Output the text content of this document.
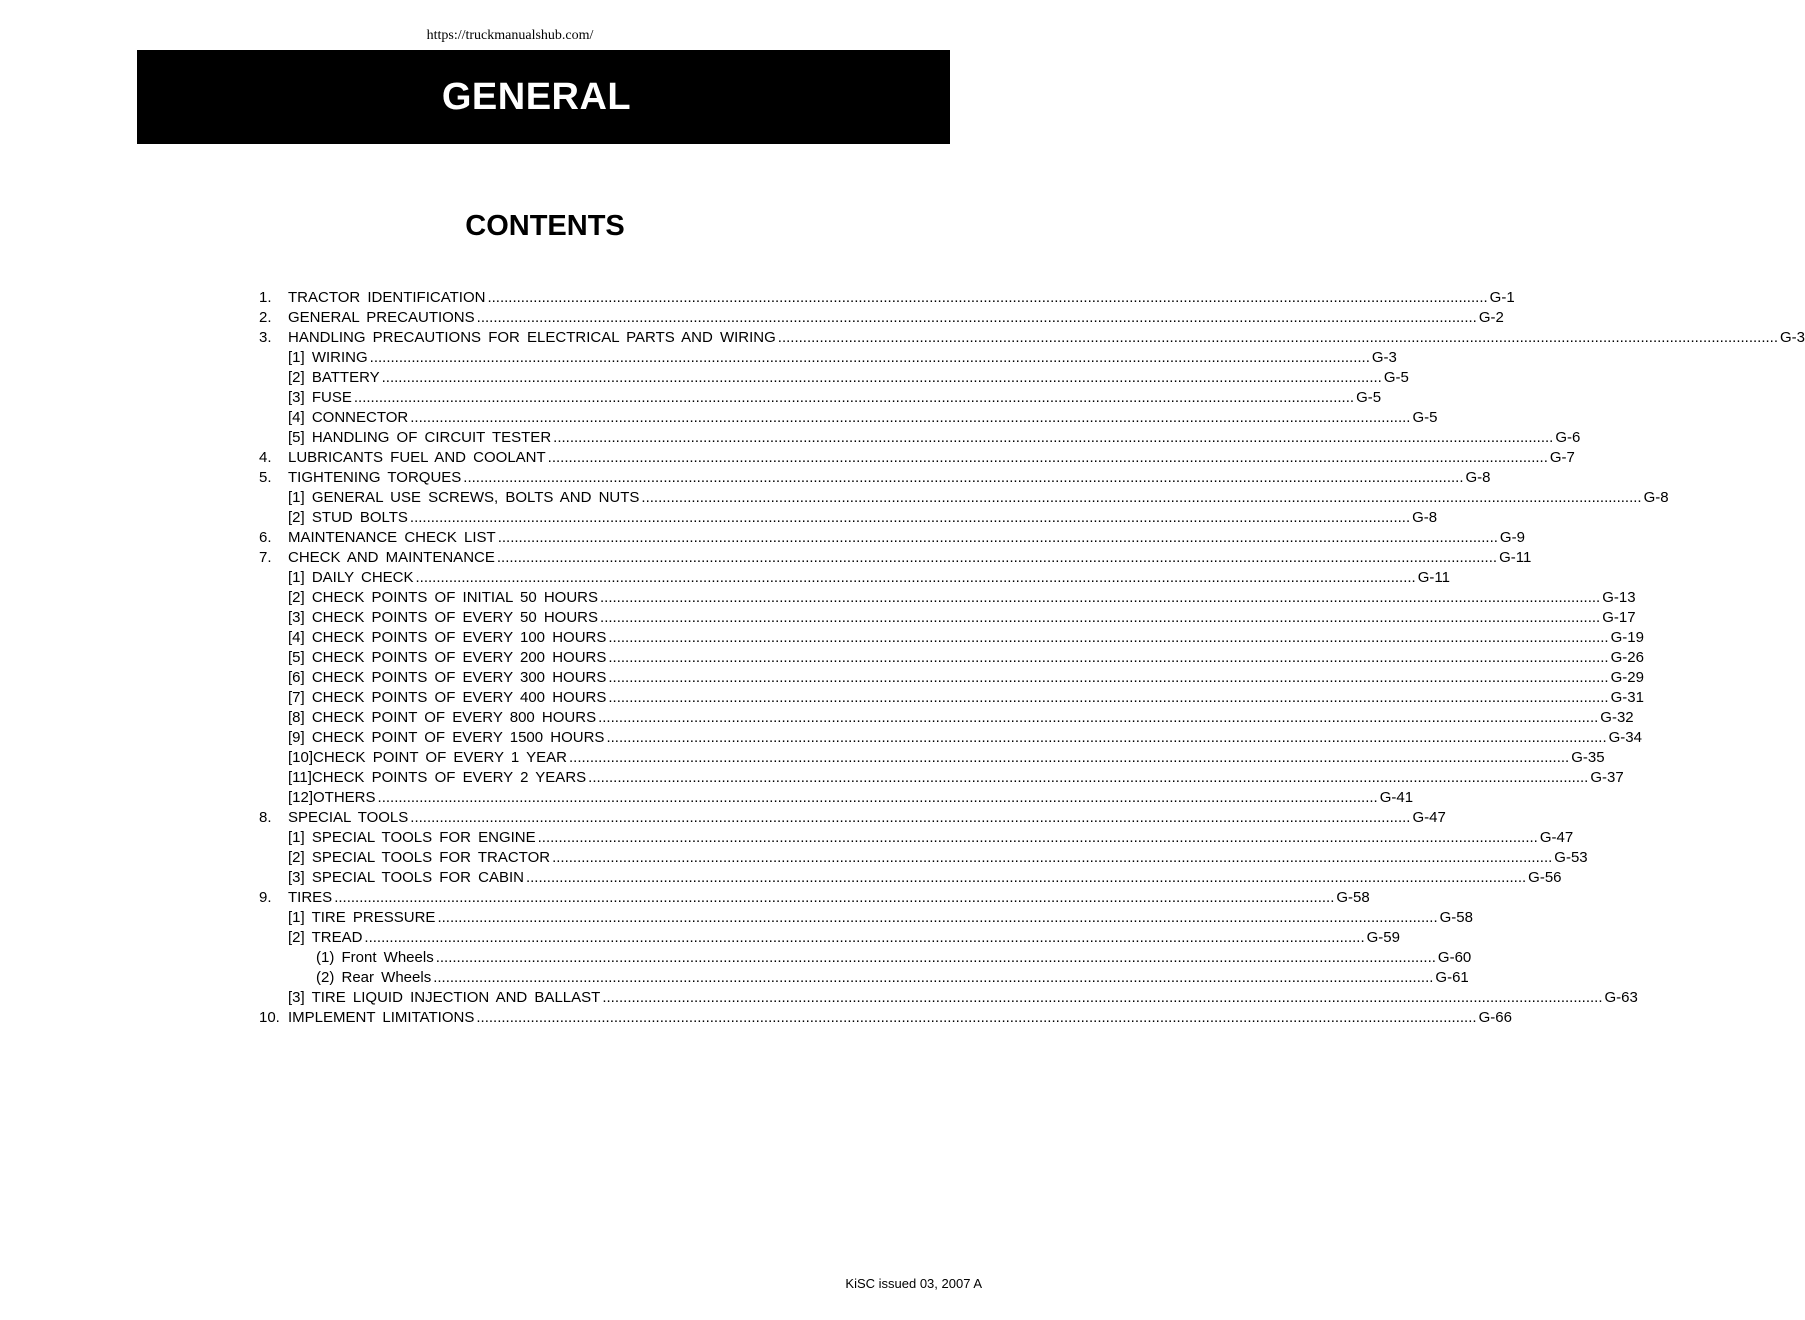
https://truckmanualshub.com/
GENERAL
CONTENTS
1.	TRACTOR IDENTIFICATION .....	G-1
2.	GENERAL PRECAUTIONS .....	G-2
3.	HANDLING PRECAUTIONS FOR ELECTRICAL PARTS AND WIRING .....	G-3
[1] WIRING .....	G-3
[2] BATTERY .....	G-5
[3] FUSE .....	G-5
[4] CONNECTOR .....	G-5
[5] HANDLING OF CIRCUIT TESTER .....	G-6
4.	LUBRICANTS FUEL AND COOLANT .....	G-7
5.	TIGHTENING TORQUES .....	G-8
[1] GENERAL USE SCREWS, BOLTS AND NUTS .....	G-8
[2] STUD BOLTS .....	G-8
6.	MAINTENANCE CHECK LIST .....	G-9
7.	CHECK AND MAINTENANCE .....	G-11
[1] DAILY CHECK .....	G-11
[2] CHECK POINTS OF INITIAL 50 HOURS .....	G-13
[3] CHECK POINTS OF EVERY 50 HOURS .....	G-17
[4] CHECK POINTS OF EVERY 100 HOURS .....	G-19
[5] CHECK POINTS OF EVERY 200 HOURS .....	G-26
[6] CHECK POINTS OF EVERY 300 HOURS .....	G-29
[7] CHECK POINTS OF EVERY 400 HOURS .....	G-31
[8] CHECK POINT OF EVERY 800 HOURS .....	G-32
[9] CHECK POINT OF EVERY 1500 HOURS .....	G-34
[10]CHECK POINT OF EVERY 1 YEAR .....	G-35
[11]CHECK POINTS OF EVERY 2 YEARS .....	G-37
[12]OTHERS .....	G-41
8.	SPECIAL TOOLS .....	G-47
[1] SPECIAL TOOLS FOR ENGINE .....	G-47
[2] SPECIAL TOOLS FOR TRACTOR .....	G-53
[3] SPECIAL TOOLS FOR CABIN .....	G-56
9.	TIRES .....	G-58
[1] TIRE PRESSURE .....	G-58
[2] TREAD .....	G-59
(1) Front Wheels .....	G-60
(2) Rear Wheels .....	G-61
[3] TIRE LIQUID INJECTION AND BALLAST .....	G-63
10. IMPLEMENT LIMITATIONS .....	G-66
KiSC issued 03, 2007 A
